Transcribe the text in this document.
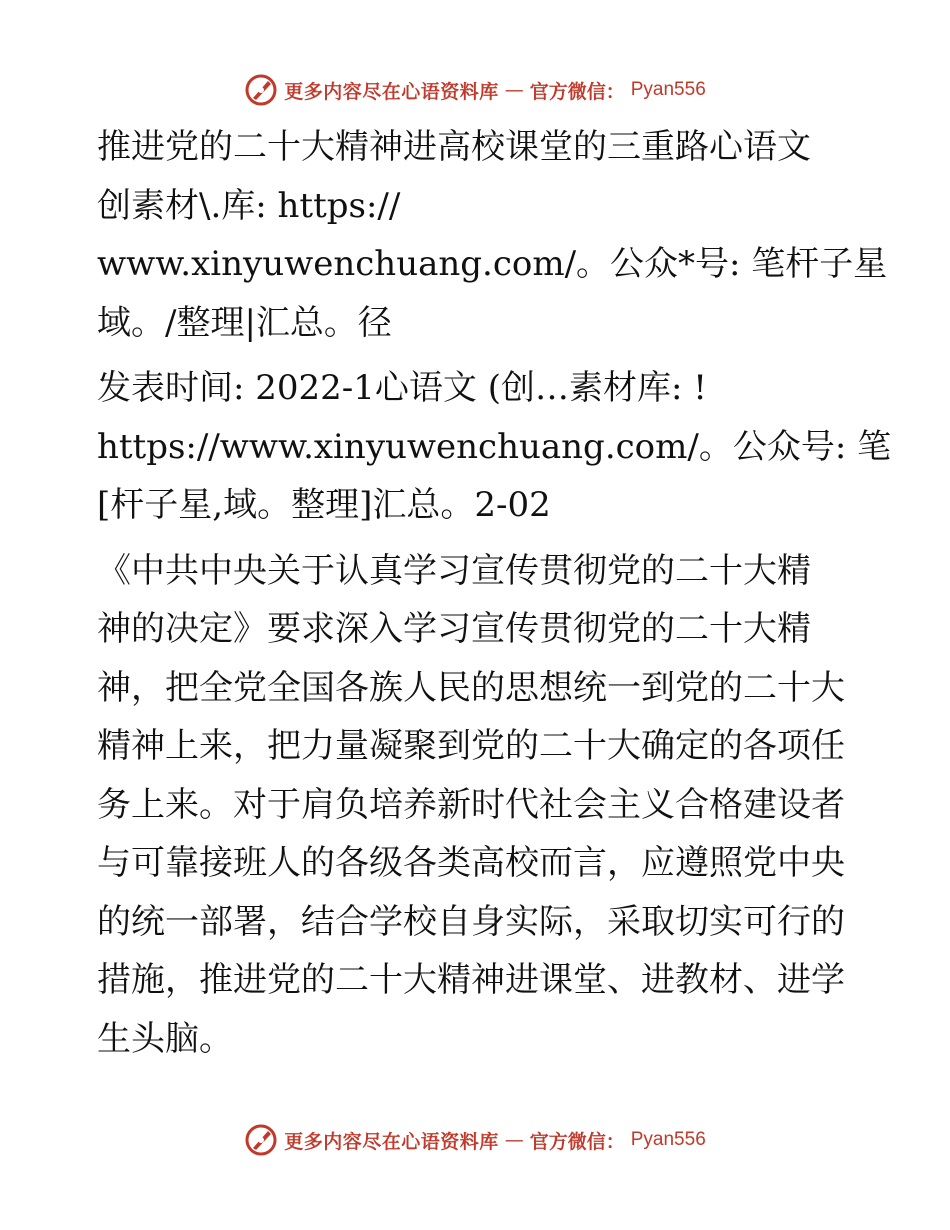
更多内容尽在心语资料库 — 官方微信： Pyan556

推进党的二十大精神进高校课堂的三重路心语文
创素材\.库: https://
www.xinyuwenchuang.com/。公众*号: 笔杆子星
域。/整理|汇总。径

发表时间: 2022-1心语文 (创…素材库: !
https://www.xinyuwenchuang.com/。公众号: 笔
[杆子星,域。整理]汇总。2-02

《中共中央关于认真学习宣传贯彻党的二十大精
神的决定》要求深入学习宣传贯彻党的二十大精
神，把全党全国各族人民的思想统一到党的二十大
精神上来，把力量凝聚到党的二十大确定的各项任
务上来。对于肩负培养新时代社会主义合格建设者
与可靠接班人的各级各类高校而言，应遵照党中央
的统一部署，结合学校自身实际，采取切实可行的
措施，推进党的二十大精神进课堂、进教材、进学
生头脑。

更多内容尽在心语资料库 — 官方微信： Pyan556
